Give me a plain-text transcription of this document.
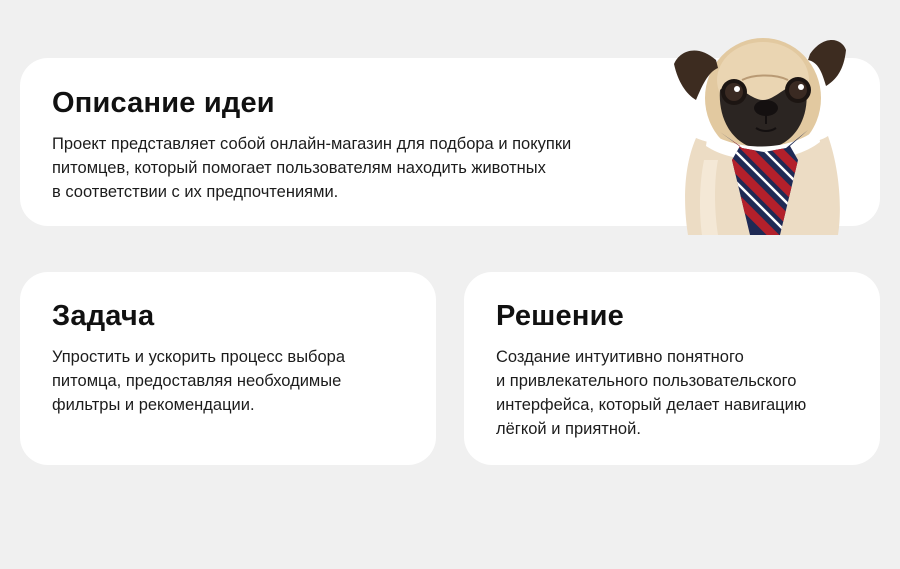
Описание идеи

Проект представляет собой онлайн-магазин для подбора и покупки
питомцев, который помогает пользователям находить животных
в соответствии с их предпочтениями.

Задача

Упростить и ускорить процесс выбора
питомца, предоставляя необходимые
фильтры и рекомендации.

Решение

Создание интуитивно понятного
и привлекательного пользовательского
интерфейса, который делает навигацию
лёгкой и приятной.
